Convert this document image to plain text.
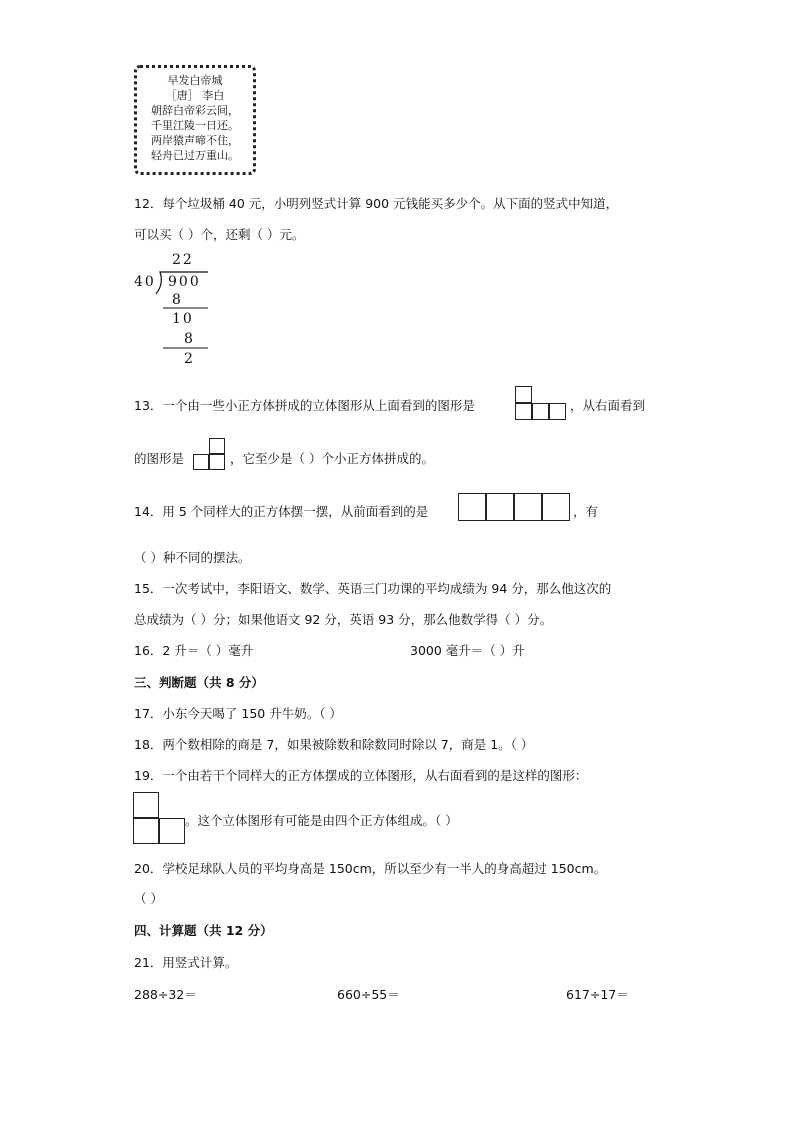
早发白帝城
［唐］ 李白
朝辞白帝彩云间，
千里江陵一日还。
两岸猿声啼不住，
轻舟已过万重山。
12．每个垃圾桶 40 元，小明列竖式计算 900 元钱能买多少个。从下面的竖式中知道，
可以买（ ）个，还剩（ ）元。
22
40 900
8
10
8
2
13．一个由一些小正方体拼成的立体图形从上面看到的图形是	，从右面看到
的图形是	，它至少是（ ）个小正方体拼成的。
14．用 5 个同样大的正方体摆一摆，从前面看到的是	，有
（ ）种不同的摆法。
15．一次考试中，李阳语文、数学、英语三门功课的平均成绩为 94 分，那么他这次的
总成绩为（ ）分；如果他语文 92 分，英语 93 分，那么他数学得（ ）分。
16．2 升＝（ ）毫升	3000 毫升＝（ ）升
三、判断题（共 8 分）
17．小东今天喝了 150 升牛奶。（ ）
18．两个数相除的商是 7，如果被除数和除数同时除以 7，商是 1。（ ）
19．一个由若干个同样大的正方体摆成的立体图形，从右面看到的是这样的图形：
。这个立体图形有可能是由四个正方体组成。（ ）
20．学校足球队人员的平均身高是 150cm，所以至少有一半人的身高超过 150cm。
（ ）
四、计算题（共 12 分）
21．用竖式计算。
288÷32＝	660÷55＝	617÷17＝
